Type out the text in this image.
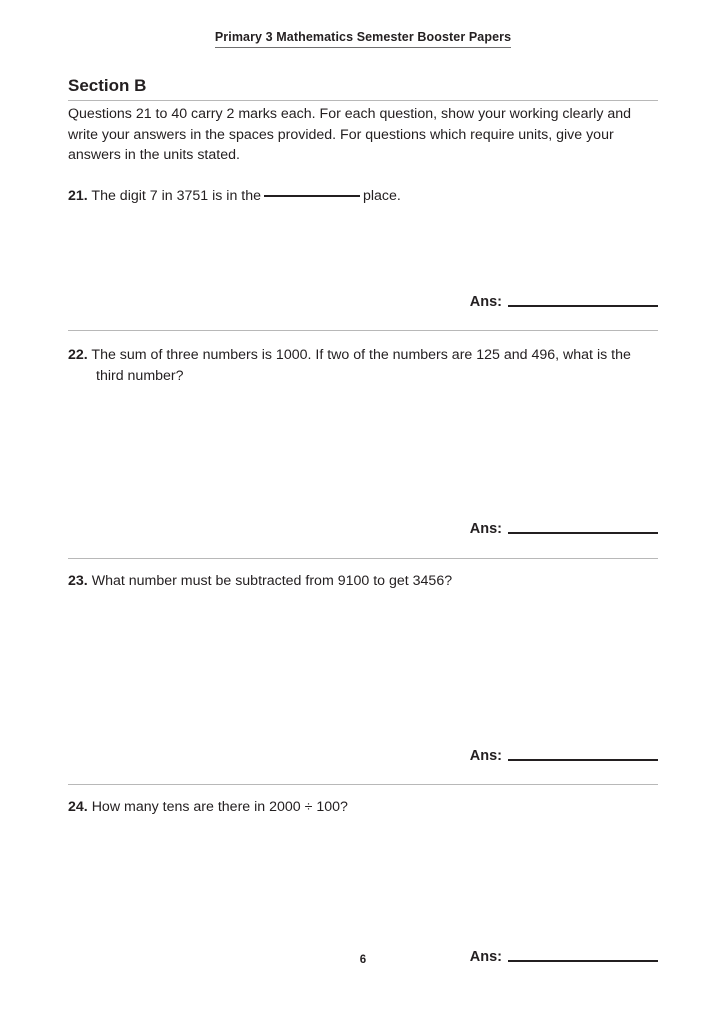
Primary 3 Mathematics Semester Booster Papers
Section B
Questions 21 to 40 carry 2 marks each. For each question, show your working clearly and write your answers in the spaces provided. For questions which require units, give your answers in the units stated.
21. The digit 7 in 3751 is in the	place.
Ans:
22. The sum of three numbers is 1000. If two of the numbers are 125 and 496, what is the third number?
Ans:
23. What number must be subtracted from 9100 to get 3456?
Ans:
24. How many tens are there in 2000 ÷ 100?
Ans:
6
